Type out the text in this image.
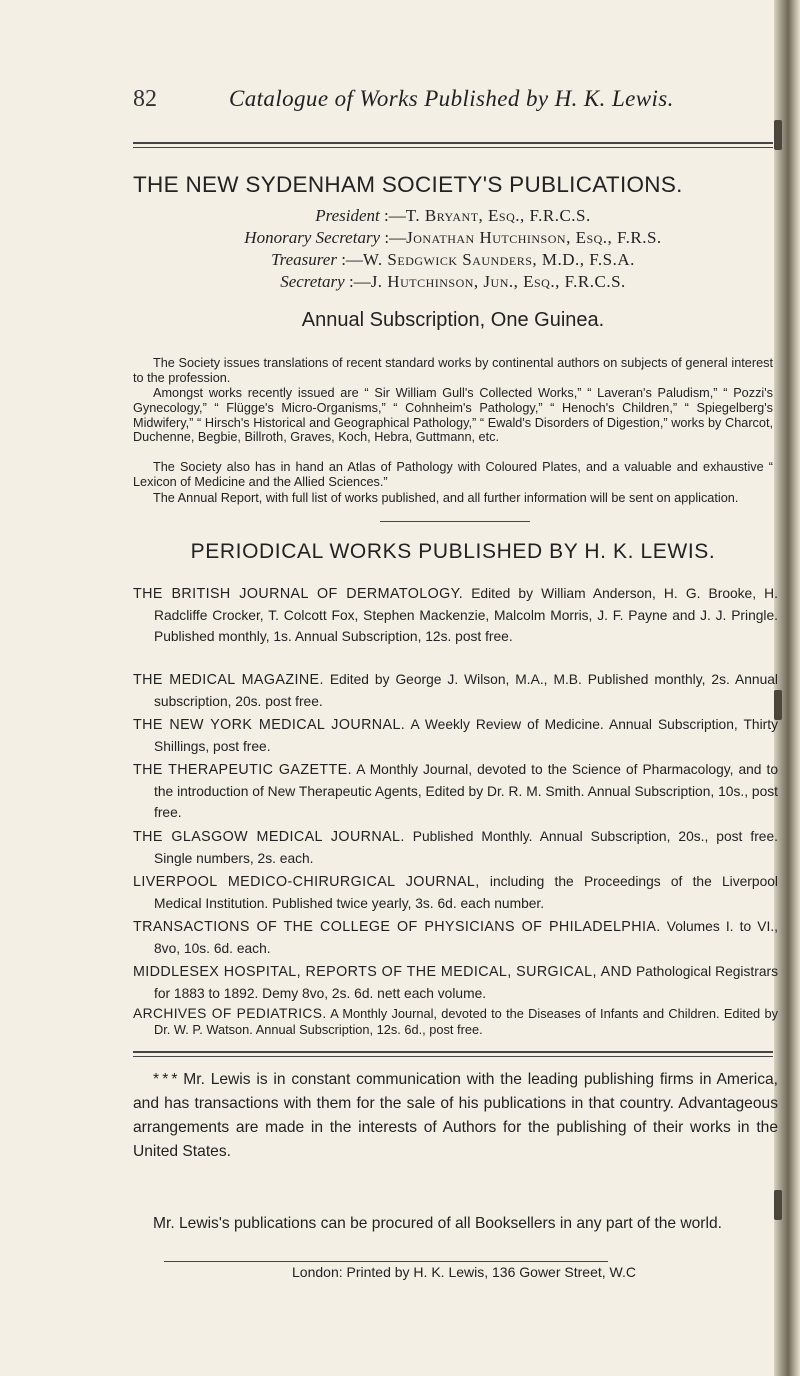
82	Catalogue of Works Published by H. K. Lewis.
THE NEW SYDENHAM SOCIETY'S PUBLICATIONS.
President :—T. Bryant, Esq., F.R.C.S.
Honorary Secretary :—Jonathan Hutchinson, Esq., F.R.S.
Treasurer :—W. Sedgwick Saunders, M.D., F.S.A.
Secretary :—J. Hutchinson, Jun., Esq., F.R.C.S.
Annual Subscription, One Guinea.
The Society issues translations of recent standard works by continental authors on subjects of general interest to the profession.
Amongst works recently issued are “ Sir William Gull's Collected Works,” “ Laveran's Paludism,” “ Pozzi's Gynecology,” “ Flügge's Micro-Organisms,” “ Cohnheim's Pathology,” “ Henoch's Children,” “ Spiegelberg's Midwifery,” “ Hirsch's Historical and Geographical Pathology,” “ Ewald's Disorders of Digestion,” works by Charcot, Duchenne, Begbie, Billroth, Graves, Koch, Hebra, Guttmann, etc.
The Society also has in hand an Atlas of Pathology with Coloured Plates, and a valuable and exhaustive “ Lexicon of Medicine and the Allied Sciences.”
The Annual Report, with full list of works published, and all further information will be sent on application.
PERIODICAL WORKS PUBLISHED BY H. K. LEWIS.
THE BRITISH JOURNAL OF DERMATOLOGY. Edited by William Anderson, H. G. Brooke, H. Radcliffe Crocker, T. Colcott Fox, Stephen Mackenzie, Malcolm Morris, J. F. Payne and J. J. Pringle. Published monthly, 1s. Annual Subscription, 12s. post free.
THE MEDICAL MAGAZINE. Edited by George J. Wilson, M.A., M.B. Published monthly, 2s. Annual subscription, 20s. post free.
THE NEW YORK MEDICAL JOURNAL. A Weekly Review of Medicine. Annual Subscription, Thirty Shillings, post free.
THE THERAPEUTIC GAZETTE. A Monthly Journal, devoted to the Science of Pharmacology, and to the introduction of New Therapeutic Agents, Edited by Dr. R. M. Smith. Annual Subscription, 10s., post free.
THE GLASGOW MEDICAL JOURNAL. Published Monthly. Annual Subscription, 20s., post free. Single numbers, 2s. each.
LIVERPOOL MEDICO-CHIRURGICAL JOURNAL, including the Proceedings of the Liverpool Medical Institution. Published twice yearly, 3s. 6d. each number.
TRANSACTIONS OF THE COLLEGE OF PHYSICIANS OF PHILADELPHIA. Volumes I. to VI., 8vo, 10s. 6d. each.
MIDDLESEX HOSPITAL, REPORTS OF THE MEDICAL, SURGICAL, AND Pathological Registrars for 1883 to 1892. Demy 8vo, 2s. 6d. nett each volume.
ARCHIVES OF PEDIATRICS. A Monthly Journal, devoted to the Diseases of Infants and Children. Edited by Dr. W. P. Watson. Annual Subscription, 12s. 6d., post free.
* * * Mr. Lewis is in constant communication with the leading publishing firms in America, and has transactions with them for the sale of his publications in that country. Advantageous arrangements are made in the interests of Authors for the publishing of their works in the United States.
Mr. Lewis's publications can be procured of all Booksellers in any part of the world.
London: Printed by H. K. Lewis, 136 Gower Street, W.C
